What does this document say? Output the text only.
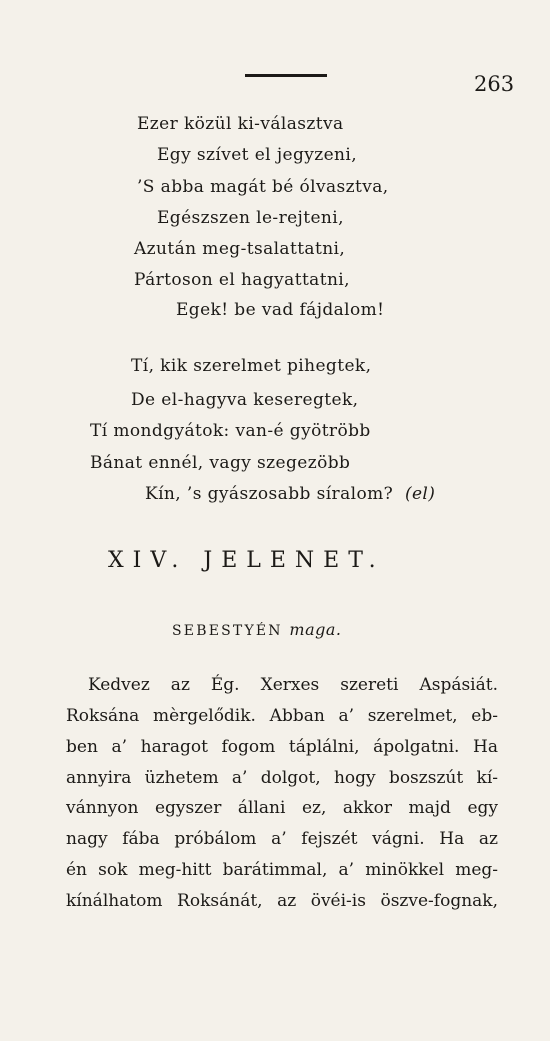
263
Ezer közül ki-választva
Egy szívet el jegyzeni,
’S abba magát bé ólvasztva,
Egészszen le-rejteni,
Azután meg-tsalattatni,
Pártoson el hagyattatni,
Egek! be vad fájdalom!
Tí, kik szerelmet pihegtek,
De el-hagyva keseregtek,
Tí mondgyátok: van-é gyötröbb
Bánat ennél, vagy szegezöbb
Kín, ’s gyászosabb síralom? (el)
XIV. JELENET.
SEBESTYÉN maga.
Kedvez az Ég. Xerxes szereti Aspásiát.
Roksána mèrgelődik. Abban a’ szerelmet, eb-
ben a’ haragot fogom táplálni, ápolgatni. Ha
annyira üzhetem a’ dolgot, hogy boszszút kí-
vánnyon egyszer állani ez, akkor majd egy
nagy fába próbálom a’ fejszét vágni. Ha az
én sok meg-hitt barátimmal, a’ minökkel meg-
kínálhatom Roksánát, az övéi-is öszve-fognak,
